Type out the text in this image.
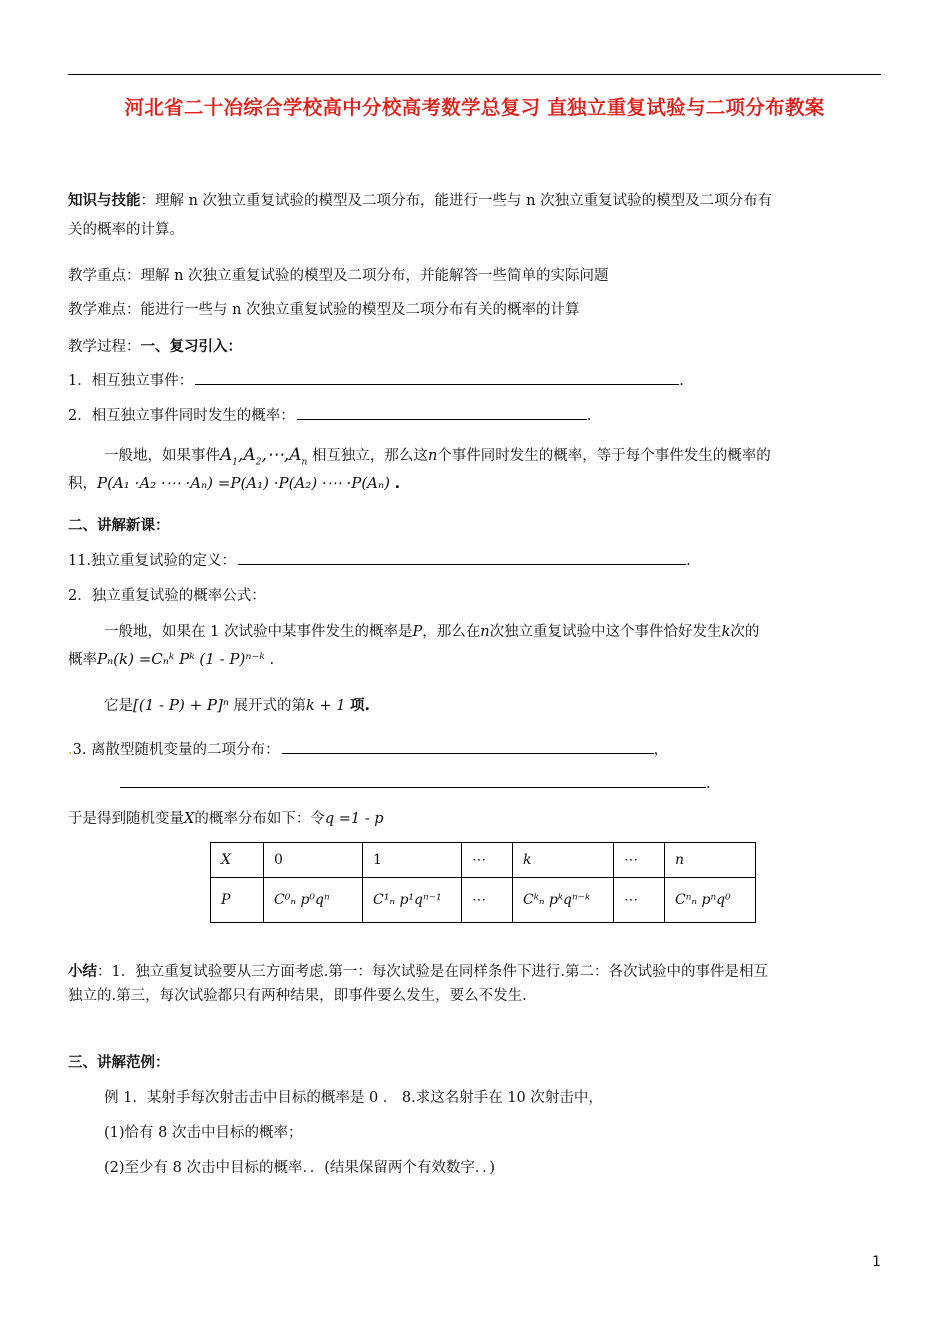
河北省二十冶综合学校高中分校高考数学总复习 直独立重复试验与二项分布教案
知识与技能：理解 n 次独立重复试验的模型及二项分布，能进行一些与 n 次独立重复试验的模型及二项分布有
关的概率的计算。
教学重点：理解 n 次独立重复试验的模型及二项分布，并能解答一些简单的实际问题
教学难点：能进行一些与 n 次独立重复试验的模型及二项分布有关的概率的计算
教学过程：一、复习引入：
1．相互独立事件：	.
2．相互独立事件同时发生的概率：	.
一般地，如果事件$A_1,A_2,\cdots,A_n$ 相互独立，那么这n个事件同时发生的概率，等于每个事件发生的概率的
积，P(A₁ ·A₂ ·⋯ ·Aₙ) =P(A₁) ·P(A₂) ·⋯ ·P(Aₙ) .
二、讲解新课：
11.独立重复试验的定义：	.
2．独立重复试验的概率公式：
一般地，如果在 1 次试验中某事件发生的概率是P，那么在n次独立重复试验中这个事件恰好发生k次的
概率Pₙ(k) =Cₙᵏ Pᵏ (1 - P)ⁿ⁻ᵏ .
它是[(1 - P) + P]ⁿ 展开式的第k + 1 项.
.3. 离散型随机变量的二项分布：	，
.
于是得到随机变量X的概率分布如下：令q =1 - p
X	0	1	⋯	k	⋯	n
P	C⁰ₙ p⁰qⁿ	C¹ₙ p¹qⁿ⁻¹	⋯	Cᵏₙ pᵏqⁿ⁻ᵏ	⋯	Cⁿₙ pⁿq⁰
小结：1．独立重复试验要从三方面考虑.第一：每次试验是在同样条件下进行.第二：各次试验中的事件是相互
独立的.第三，每次试验都只有两种结果，即事件要么发生，要么不发生.
三、讲解范例：
例 1．某射手每次射击击中目标的概率是 0 ． 8.求这名射手在 10 次射击中，
(1)恰有 8 次击中目标的概率；
(2)至少有 8 次击中目标的概率．．(结果保留两个有效数字．．)
1
